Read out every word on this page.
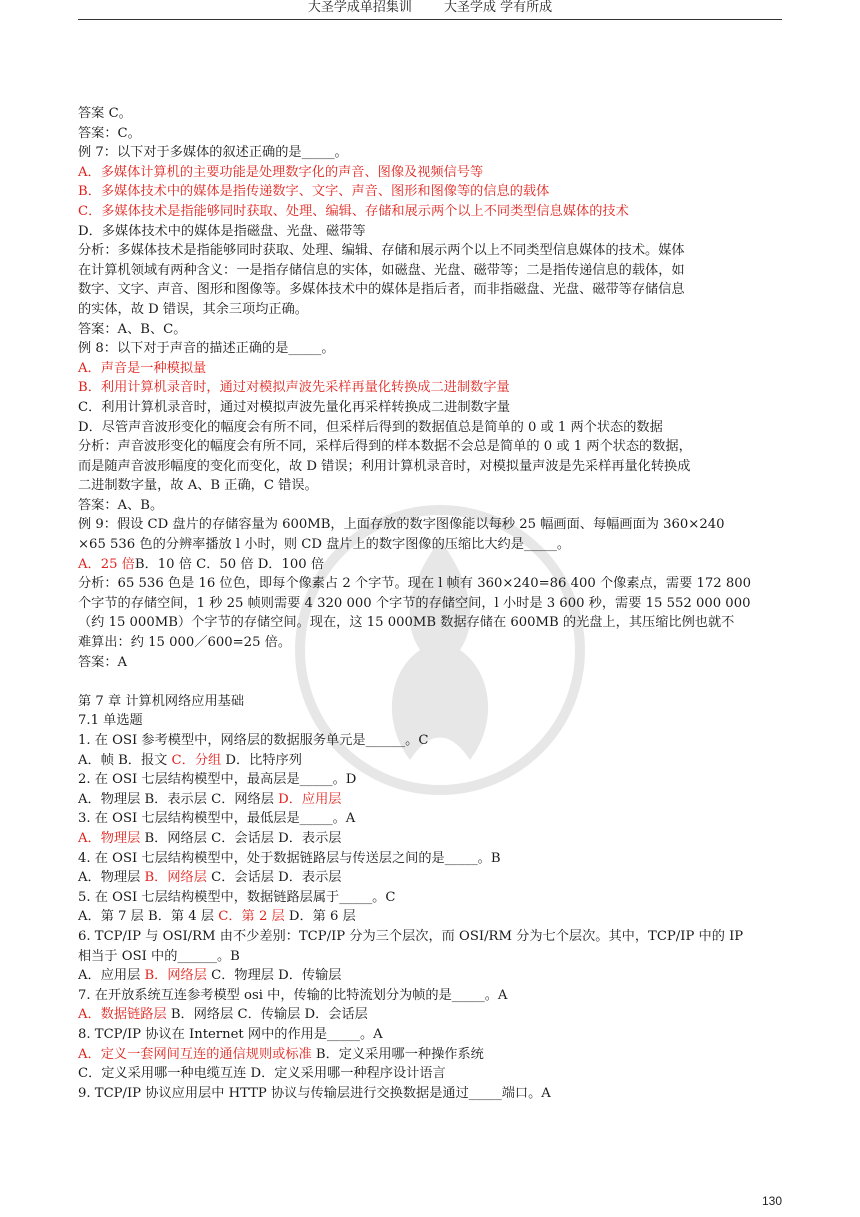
大圣学成单招集训 大圣学成 学有所成
答案 C。
答案：C。
例 7：以下对于多媒体的叙述正确的是_____。
A．多媒体计算机的主要功能是处理数字化的声音、图像及视频信号等
B．多媒体技术中的媒体是指传递数字、文字、声音、图形和图像等的信息的载体
C．多媒体技术是指能够同时获取、处理、编辑、存储和展示两个以上不同类型信息媒体的技术
D．多媒体技术中的媒体是指磁盘、光盘、磁带等
分析：多媒体技术是指能够同时获取、处理、编辑、存储和展示两个以上不同类型信息媒体的技术。媒体
在计算机领域有两种含义：一是指存储信息的实体，如磁盘、光盘、磁带等；二是指传递信息的载体，如
数字、文字、声音、图形和图像等。多媒体技术中的媒体是指后者，而非指磁盘、光盘、磁带等存储信息
的实体，故 D 错误，其余三项均正确。
答案：A、B、C。
例 8：以下对于声音的描述正确的是_____。
A．声音是一种模拟量
B．利用计算机录音时，通过对模拟声波先采样再量化转换成二进制数字量
C．利用计算机录音时，通过对模拟声波先量化再采样转换成二进制数字量
D．尽管声音波形变化的幅度会有所不同，但采样后得到的数据值总是简单的 0 或 1 两个状态的数据
分析：声音波形变化的幅度会有所不同，采样后得到的样本数据不会总是简单的 0 或 1 两个状态的数据，
而是随声音波形幅度的变化而变化，故 D 错误；利用计算机录音时，对模拟量声波是先采样再量化转换成
二进制数字量，故 A、B 正确，C 错误。
答案：A、B。
例 9：假设 CD 盘片的存储容量为 600MB，上面存放的数字图像能以每秒 25 幅画面、每幅画面为 360×240
×65 536 色的分辨率播放 l 小时，则 CD 盘片上的数字图像的压缩比大约是_____。
A．25 倍B．10 倍 C．50 倍 D．100 倍
分析：65 536 色是 16 位色，即每个像素占 2 个字节。现在 l 帧有 360×240=86 400 个像素点，需要 172 800
个字节的存储空间，1 秒 25 帧则需要 4 320 000 个字节的存储空间，l 小时是 3 600 秒，需要 15 552 000 000
（约 15 000MB）个字节的存储空间。现在，这 15 000MB 数据存储在 600MB 的光盘上，其压缩比例也就不
难算出：约 15 000／600=25 倍。
答案：A
第 7 章 计算机网络应用基础
7.1 单选题
1. 在 OSI 参考模型中，网络层的数据服务单元是______。C
A．帧 B．报文 C．分组 D．比特序列
2. 在 OSI 七层结构模型中，最高层是_____。D
A．物理层 B．表示层 C．网络层 D．应用层
3. 在 OSI 七层结构模型中，最低层是_____。A
A．物理层 B．网络层 C．会话层 D．表示层
4. 在 OSI 七层结构模型中，处于数据链路层与传送层之间的是_____。B
A．物理层 B．网络层 C．会话层 D．表示层
5. 在 OSI 七层结构模型中，数据链路层属于_____。C
A．第 7 层 B．第 4 层 C．第 2 层 D．第 6 层
6. TCP/IP 与 OSI/RM 由不少差别：TCP/IP 分为三个层次，而 OSI/RM 分为七个层次。其中，TCP/IP 中的 IP
相当于 OSI 中的______。B
A．应用层 B．网络层 C．物理层 D．传输层
7. 在开放系统互连参考模型 osi 中，传输的比特流划分为帧的是_____。A
A．数据链路层 B．网络层 C．传输层 D．会话层
8. TCP/IP 协议在 Internet 网中的作用是_____。A
A．定义一套网间互连的通信规则或标准 B．定义采用哪一种操作系统
C．定义采用哪一种电缆互连 D．定义采用哪一种程序设计语言
9. TCP/IP 协议应用层中 HTTP 协议与传输层进行交换数据是通过_____端口。A
130
